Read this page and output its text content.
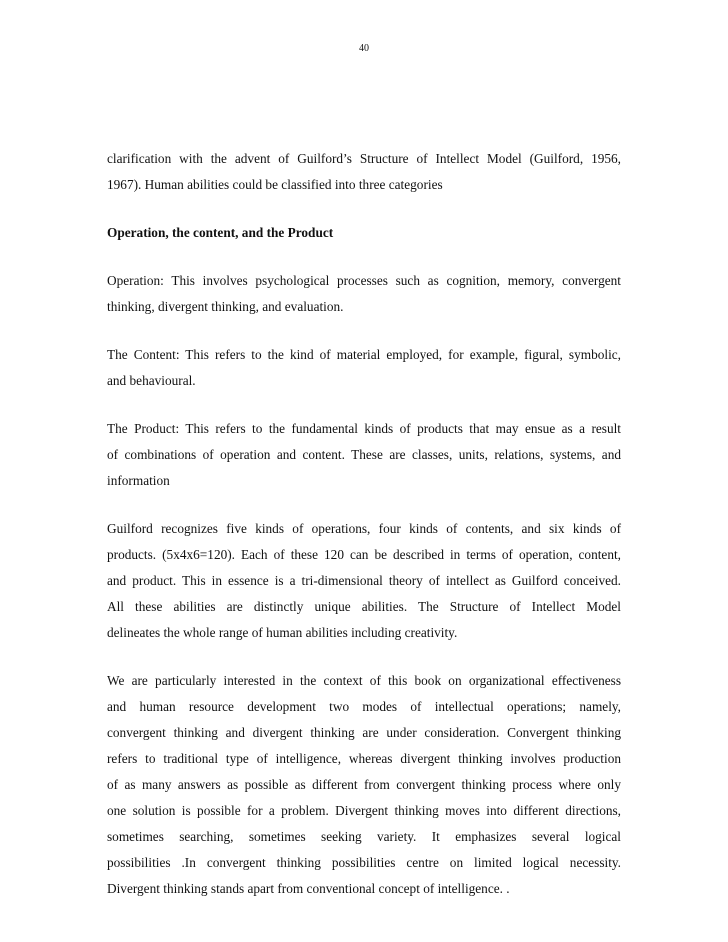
40

clarification with the advent of Guilford’s Structure of Intellect Model (Guilford, 1956,
1967). Human abilities could be classified into three categories

Operation, the content, and the Product

Operation: This involves psychological processes such as cognition, memory, convergent
thinking, divergent thinking, and evaluation.

The Content: This refers to the kind of material employed, for example, figural, symbolic,
and behavioural.

The Product: This refers to the fundamental kinds of products that may ensue as a result
of combinations of operation and content. These are classes, units, relations, systems, and
information

Guilford recognizes five kinds of operations, four kinds of contents, and six kinds of
products. (5x4x6=120). Each of these 120 can be described in terms of operation, content,
and product. This in essence is a tri-dimensional theory of intellect as Guilford conceived.
All these abilities are distinctly unique abilities. The Structure of Intellect Model
delineates the whole range of human abilities including creativity.

We are particularly interested in the context of this book on organizational effectiveness
and human resource development two modes of intellectual operations; namely,
convergent thinking and divergent thinking are under consideration. Convergent thinking
refers to traditional type of intelligence, whereas divergent thinking involves production
of as many answers as possible as different from convergent thinking process where only
one solution is possible for a problem. Divergent thinking moves into different directions,
sometimes searching, sometimes seeking variety. It emphasizes several logical
possibilities .In convergent thinking possibilities centre on limited logical necessity.
Divergent thinking stands apart from conventional concept of intelligence. .
